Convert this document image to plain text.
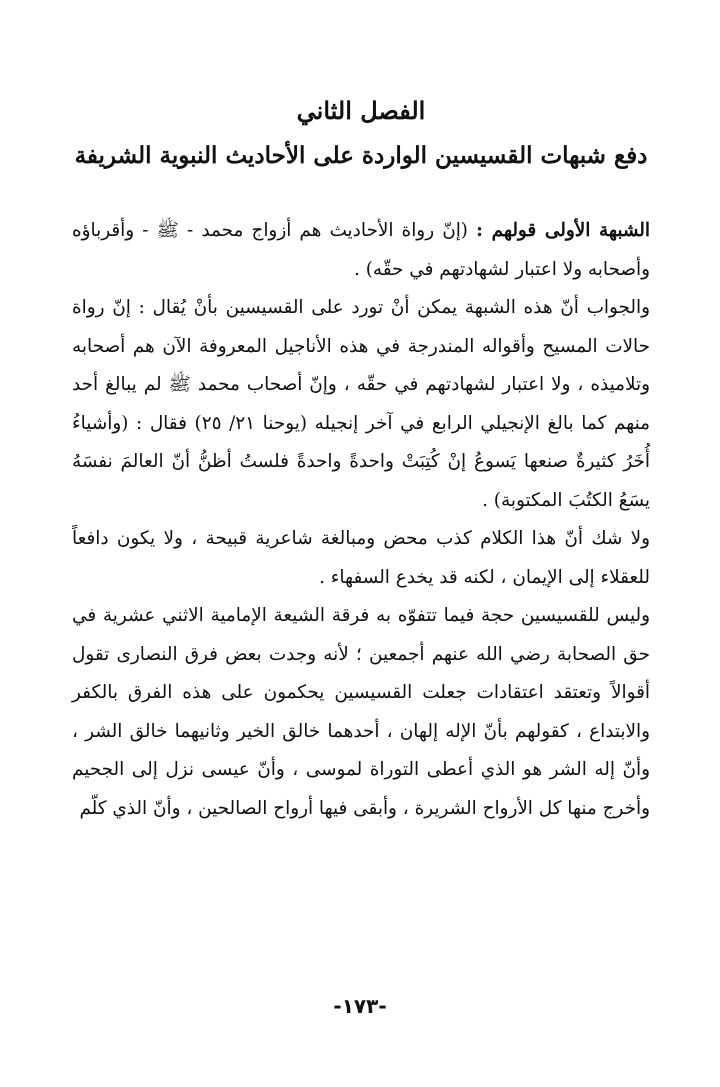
الفصل الثاني
دفع شبهات القسيسين الواردة على الأحاديث النبوية الشريفة

الشبهة الأولى قولهم : (إنّ رواة الأحاديث هم أزواج محمد - ﷺ - وأقرباؤه وأصحابه ولا اعتبار لشهادتهم في حقّه) .

والجواب أنّ هذه الشبهة يمكن أنْ تورد على القسيسين بأنْ يُقال : إنّ رواة حالات المسيح وأقواله المندرجة في هذه الأناجيل المعروفة الآن هم أصحابه وتلاميذه ، ولا اعتبار لشهادتهم في حقّه ، وإنّ أصحاب محمد ﷺ لم يبالغ أحد منهم كما بالغ الإنجيلي الرابع في آخر إنجيله (يوحنا ٢١/ ٢٥) فقال : (وأشياءُ أُخَرُ كثيرةٌ صنعها يَسوعُ إنْ كُتِبَتْ واحدةً واحدةً فلستُ أظنُّ أنّ العالمَ نفسَهُ يسَعُ الكتُبَ المكتوبة) .

ولا شك أنّ هذا الكلام كذب محض ومبالغة شاعرية قبيحة ، ولا يكون دافعاً للعقلاء إلى الإيمان ، لكنه قد يخدع السفهاء .

وليس للقسيسين حجة فيما تتفوّه به فرقة الشيعة الإمامية الاثني عشرية في حق الصحابة رضي الله عنهم أجمعين ؛ لأنه وجدت بعض فرق النصارى تقول أقوالاً وتعتقد اعتقادات جعلت القسيسين يحكمون على هذه الفرق بالكفر والابتداع ، كقولهم بأنّ الإله إلهان ، أحدهما خالق الخير وثانيهما خالق الشر ، وأنّ إله الشر هو الذي أعطى التوراة لموسى ، وأنّ عيسى نزل إلى الجحيم وأخرج منها كل الأرواح الشريرة ، وأبقى فيها أرواح الصالحين ، وأنّ الذي كلّم

-١٧٣-
